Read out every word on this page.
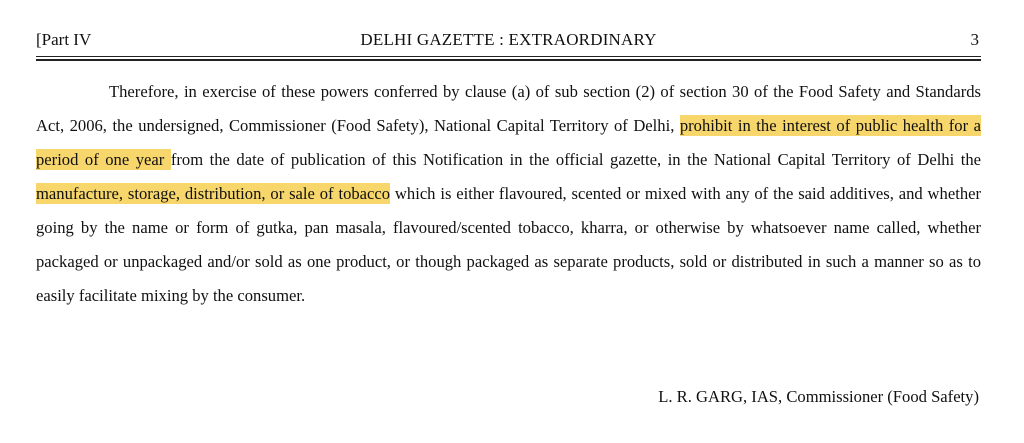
[Part IV	DELHI GAZETTE : EXTRAORDINARY	3

Therefore, in exercise of these powers conferred by clause (a) of sub section (2) of section 30 of the Food Safety and Standards Act, 2006, the undersigned, Commissioner (Food Safety), National Capital Territory of Delhi, prohibit in the interest of public health for a period of one year from the date of publication of this Notification in the official gazette, in the National Capital Territory of Delhi the manufacture, storage, distribution, or sale of tobacco which is either flavoured, scented or mixed with any of the said additives, and whether going by the name or form of gutka, pan masala, flavoured/scented tobacco, kharra, or otherwise by whatsoever name called, whether packaged or unpackaged and/or sold as one product, or though packaged as separate products, sold or distributed in such a manner so as to easily facilitate mixing by the consumer.

L. R. GARG, IAS, Commissioner (Food Safety)
